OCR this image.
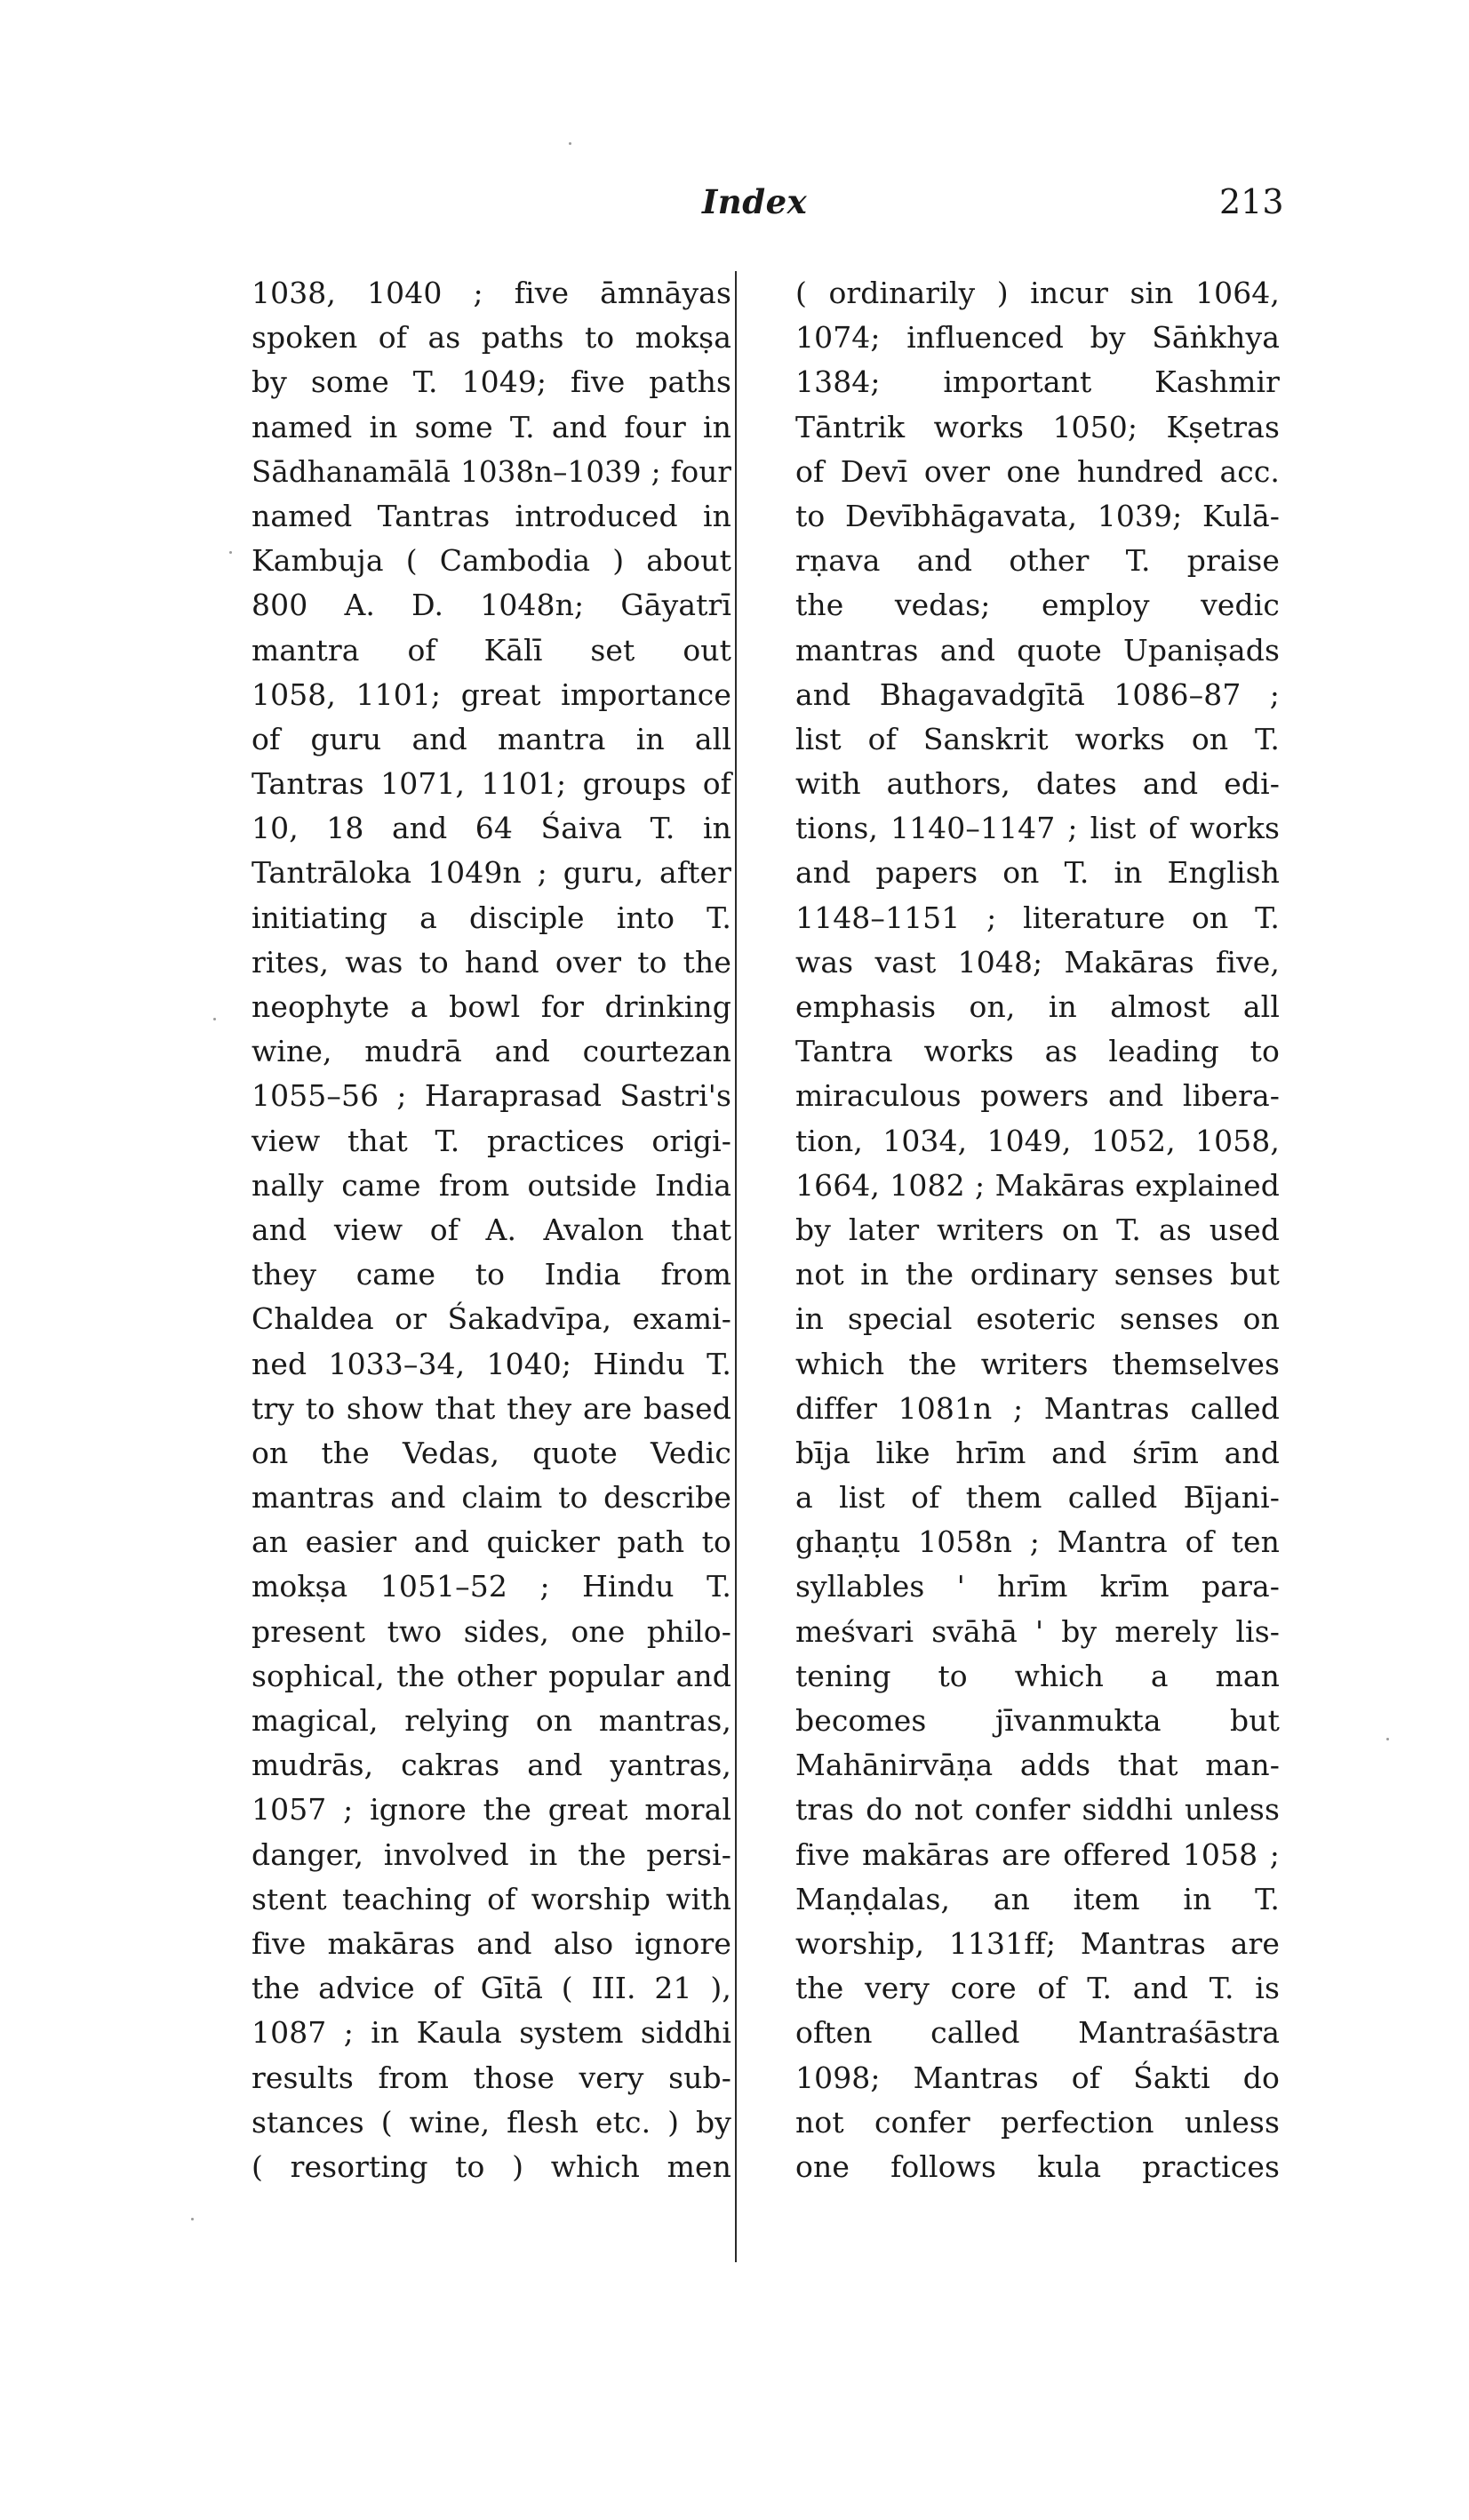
Index	213
1038, 1040 ; five āmnāyas
spoken of as paths to mokṣa
by some T. 1049; five paths
named in some T. and four in
Sādhanamālā 1038n–1039 ; four
named Tantras introduced in
Kambuja ( Cambodia ) about
800 A. D. 1048n; Gāyatrī
mantra of Kālī set out
1058, 1101; great importance
of guru and mantra in all
Tantras 1071, 1101; groups of
10, 18 and 64 Śaiva T. in
Tantrāloka 1049n ; guru, after
initiating a disciple into T.
rites, was to hand over to the
neophyte a bowl for drinking
wine, mudrā and courtezan
1055–56 ; Haraprasad Sastri's
view that T. practices origi-
nally came from outside India
and view of A. Avalon that
they came to India from
Chaldea or Śakadvīpa, exami-
ned 1033–34, 1040; Hindu T.
try to show that they are based
on the Vedas, quote Vedic
mantras and claim to describe
an easier and quicker path to
mokṣa 1051–52 ; Hindu T.
present two sides, one philo-
sophical, the other popular and
magical, relying on mantras,
mudrās, cakras and yantras,
1057 ; ignore the great moral
danger, involved in the persi-
stent teaching of worship with
five makāras and also ignore
the advice of Gītā ( III. 21 ),
1087 ; in Kaula system siddhi
results from those very sub-
stances ( wine, flesh etc. ) by
( resorting to ) which men
( ordinarily ) incur sin 1064,
1074; influenced by Sāṅkhya
1384; important Kashmir
Tāntrik works 1050; Kṣetras
of Devī over one hundred acc.
to Devībhāgavata, 1039; Kulā-
rṇava and other T. praise
the vedas; employ vedic
mantras and quote Upaniṣads
and Bhagavadgītā 1086–87 ;
list of Sanskrit works on T.
with authors, dates and edi-
tions, 1140–1147 ; list of works
and papers on T. in English
1148–1151 ; literature on T.
was vast 1048; Makāras five,
emphasis on, in almost all
Tantra works as leading to
miraculous powers and libera-
tion, 1034, 1049, 1052, 1058,
1664, 1082 ; Makāras explained
by later writers on T. as used
not in the ordinary senses but
in special esoteric senses on
which the writers themselves
differ 1081n ; Mantras called
bīja like hrīm and śrīm and
a list of them called Bījani-
ghaṇṭu 1058n ; Mantra of ten
syllables ' hrīm krīm para-
meśvari svāhā ' by merely lis-
tening to which a man
becomes jīvanmukta but
Mahānirvāṇa adds that man-
tras do not confer siddhi unless
five makāras are offered 1058 ;
Maṇḍalas, an item in T.
worship, 1131ff; Mantras are
the very core of T. and T. is
often called Mantraśāstra
1098; Mantras of Śakti do
not confer perfection unless
one follows kula practices
